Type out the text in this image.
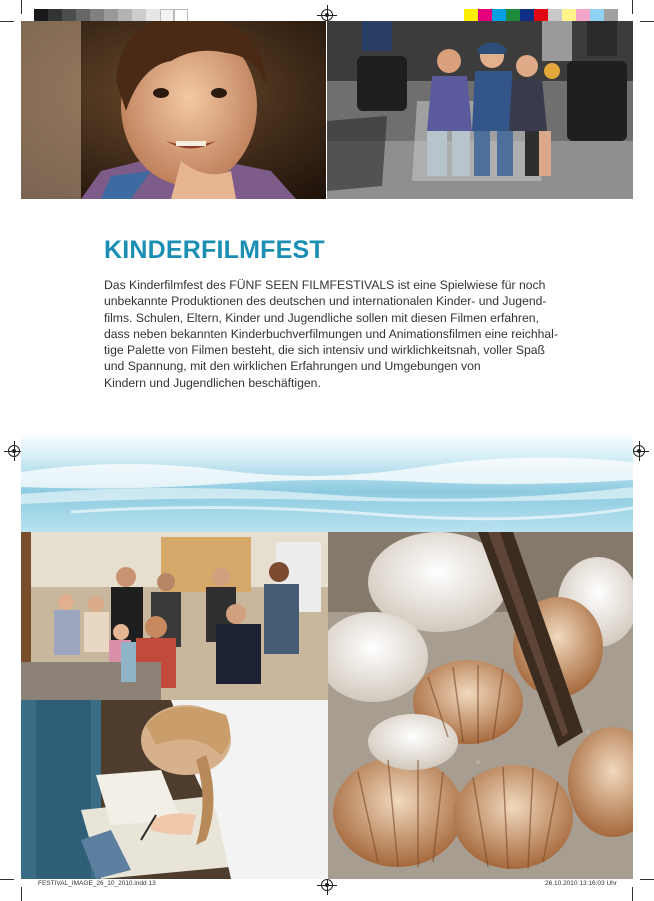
KINDERFILMFEST
Das Kinderfilmfest des FÜNF SEEN FILMFESTIVALS ist eine Spielwiese für noch
unbekannte Produktionen des deutschen und internationalen Kinder- und Jugend-
films. Schulen, Eltern, Kinder und Jugendliche sollen mit diesen Filmen erfahren,
dass neben bekannten Kinderbuchverfilmungen und Animationsfilmen eine reichhal-
tige Palette von Filmen besteht, die sich intensiv und wirklichkeitsnah, voller Spaß
und Spannung, mit den wirklichen Erfahrungen und Umgebungen von
Kindern und Jugendlichen beschäftigen.
FESTIVAL_IMAGE_26_10_2010.indd 13	26.10.2010 13:16:03 Uhr
